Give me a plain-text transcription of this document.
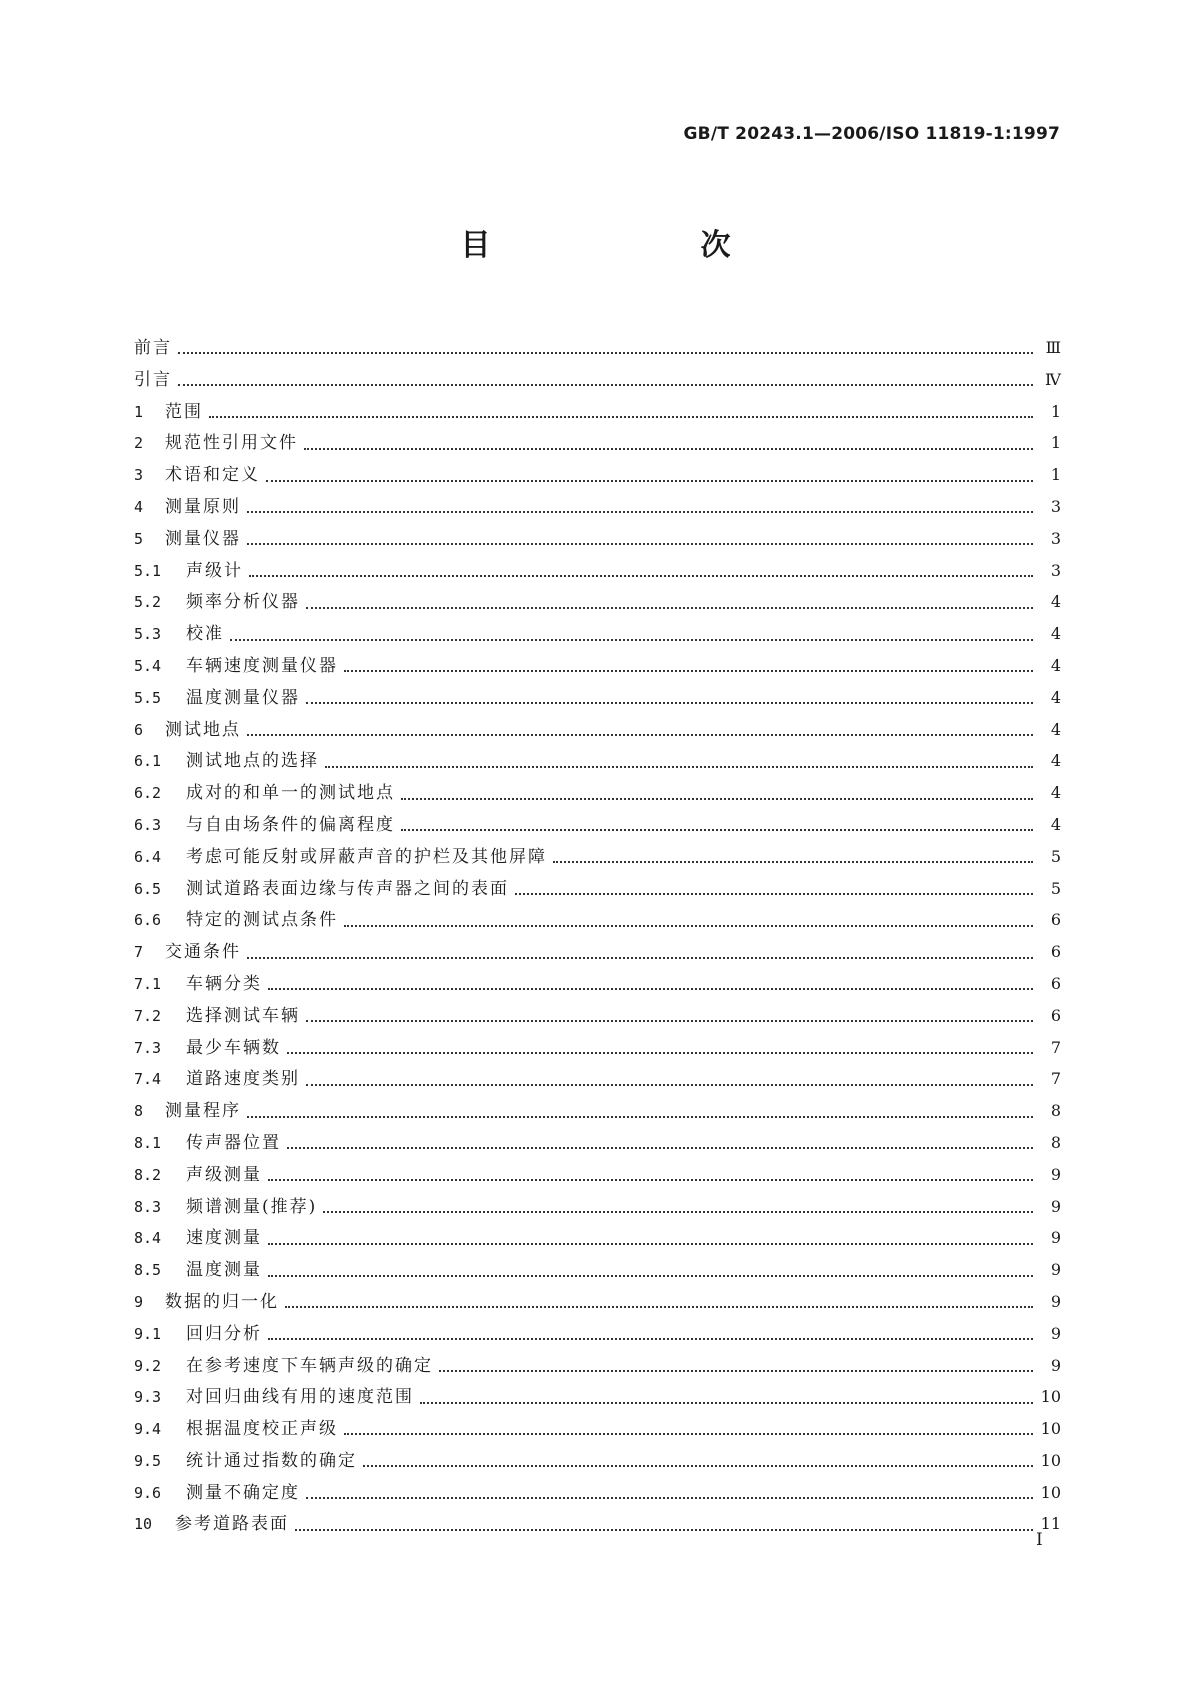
GB/T 20243.1—2006/ISO 11819-1:1997
目　　次
前言	Ⅲ
引言	Ⅳ
1	范围	1
2	规范性引用文件	1
3	术语和定义	1
4	测量原则	3
5	测量仪器	3
5.1	声级计	3
5.2	频率分析仪器	4
5.3	校准	4
5.4	车辆速度测量仪器	4
5.5	温度测量仪器	4
6	测试地点	4
6.1	测试地点的选择	4
6.2	成对的和单一的测试地点	4
6.3	与自由场条件的偏离程度	4
6.4	考虑可能反射或屏蔽声音的护栏及其他屏障	5
6.5	测试道路表面边缘与传声器之间的表面	5
6.6	特定的测试点条件	6
7	交通条件	6
7.1	车辆分类	6
7.2	选择测试车辆	6
7.3	最少车辆数	7
7.4	道路速度类别	7
8	测量程序	8
8.1	传声器位置	8
8.2	声级测量	9
8.3	频谱测量(推荐)	9
8.4	速度测量	9
8.5	温度测量	9
9	数据的归一化	9
9.1	回归分析	9
9.2	在参考速度下车辆声级的确定	9
9.3	对回归曲线有用的速度范围	10
9.4	根据温度校正声级	10
9.5	统计通过指数的确定	10
9.6	测量不确定度	10
10	参考道路表面	11
I
